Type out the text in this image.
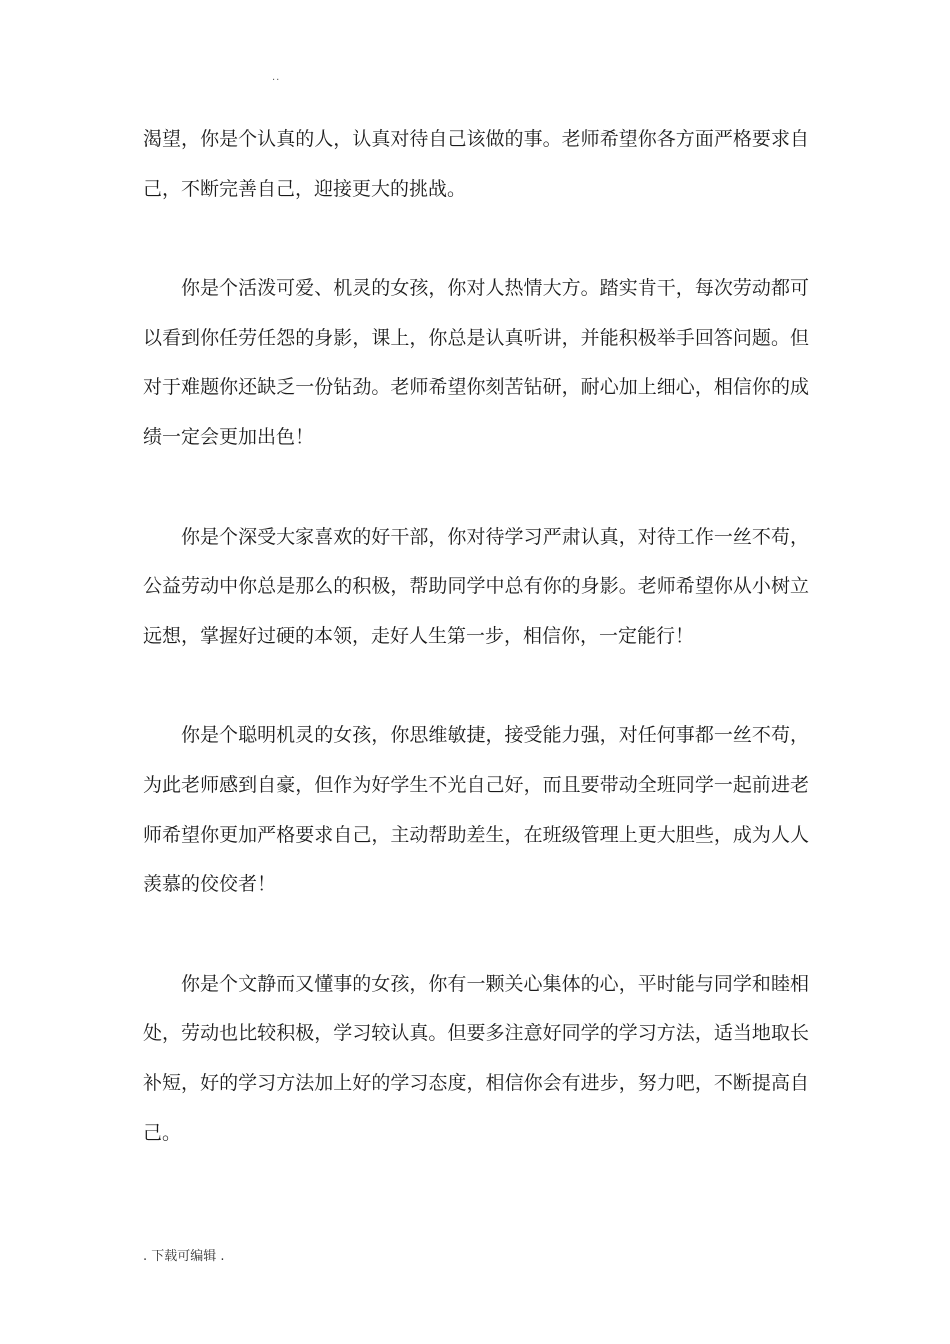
..

渴望，你是个认真的人，认真对待自己该做的事。老师希望你各方面严格要求自己，不断完善自己，迎接更大的挑战。

你是个活泼可爱、机灵的女孩，你对人热情大方。踏实肯干，每次劳动都可以看到你任劳任怨的身影，课上，你总是认真听讲，并能积极举手回答问题。但对于难题你还缺乏一份钻劲。老师希望你刻苦钻研，耐心加上细心，相信你的成绩一定会更加出色！

你是个深受大家喜欢的好干部，你对待学习严肃认真，对待工作一丝不苟，公益劳动中你总是那么的积极，帮助同学中总有你的身影。老师希望你从小树立远想，掌握好过硬的本领，走好人生第一步，相信你，一定能行！

你是个聪明机灵的女孩，你思维敏捷，接受能力强，对任何事都一丝不苟，为此老师感到自豪，但作为好学生不光自己好，而且要带动全班同学一起前进老师希望你更加严格要求自己，主动帮助差生，在班级管理上更大胆些，成为人人羡慕的佼佼者！

你是个文静而又懂事的女孩，你有一颗关心集体的心，平时能与同学和睦相处，劳动也比较积极，学习较认真。但要多注意好同学的学习方法，适当地取长补短，好的学习方法加上好的学习态度，相信你会有进步，努力吧，不断提高自己。

. 下载可编辑 .
